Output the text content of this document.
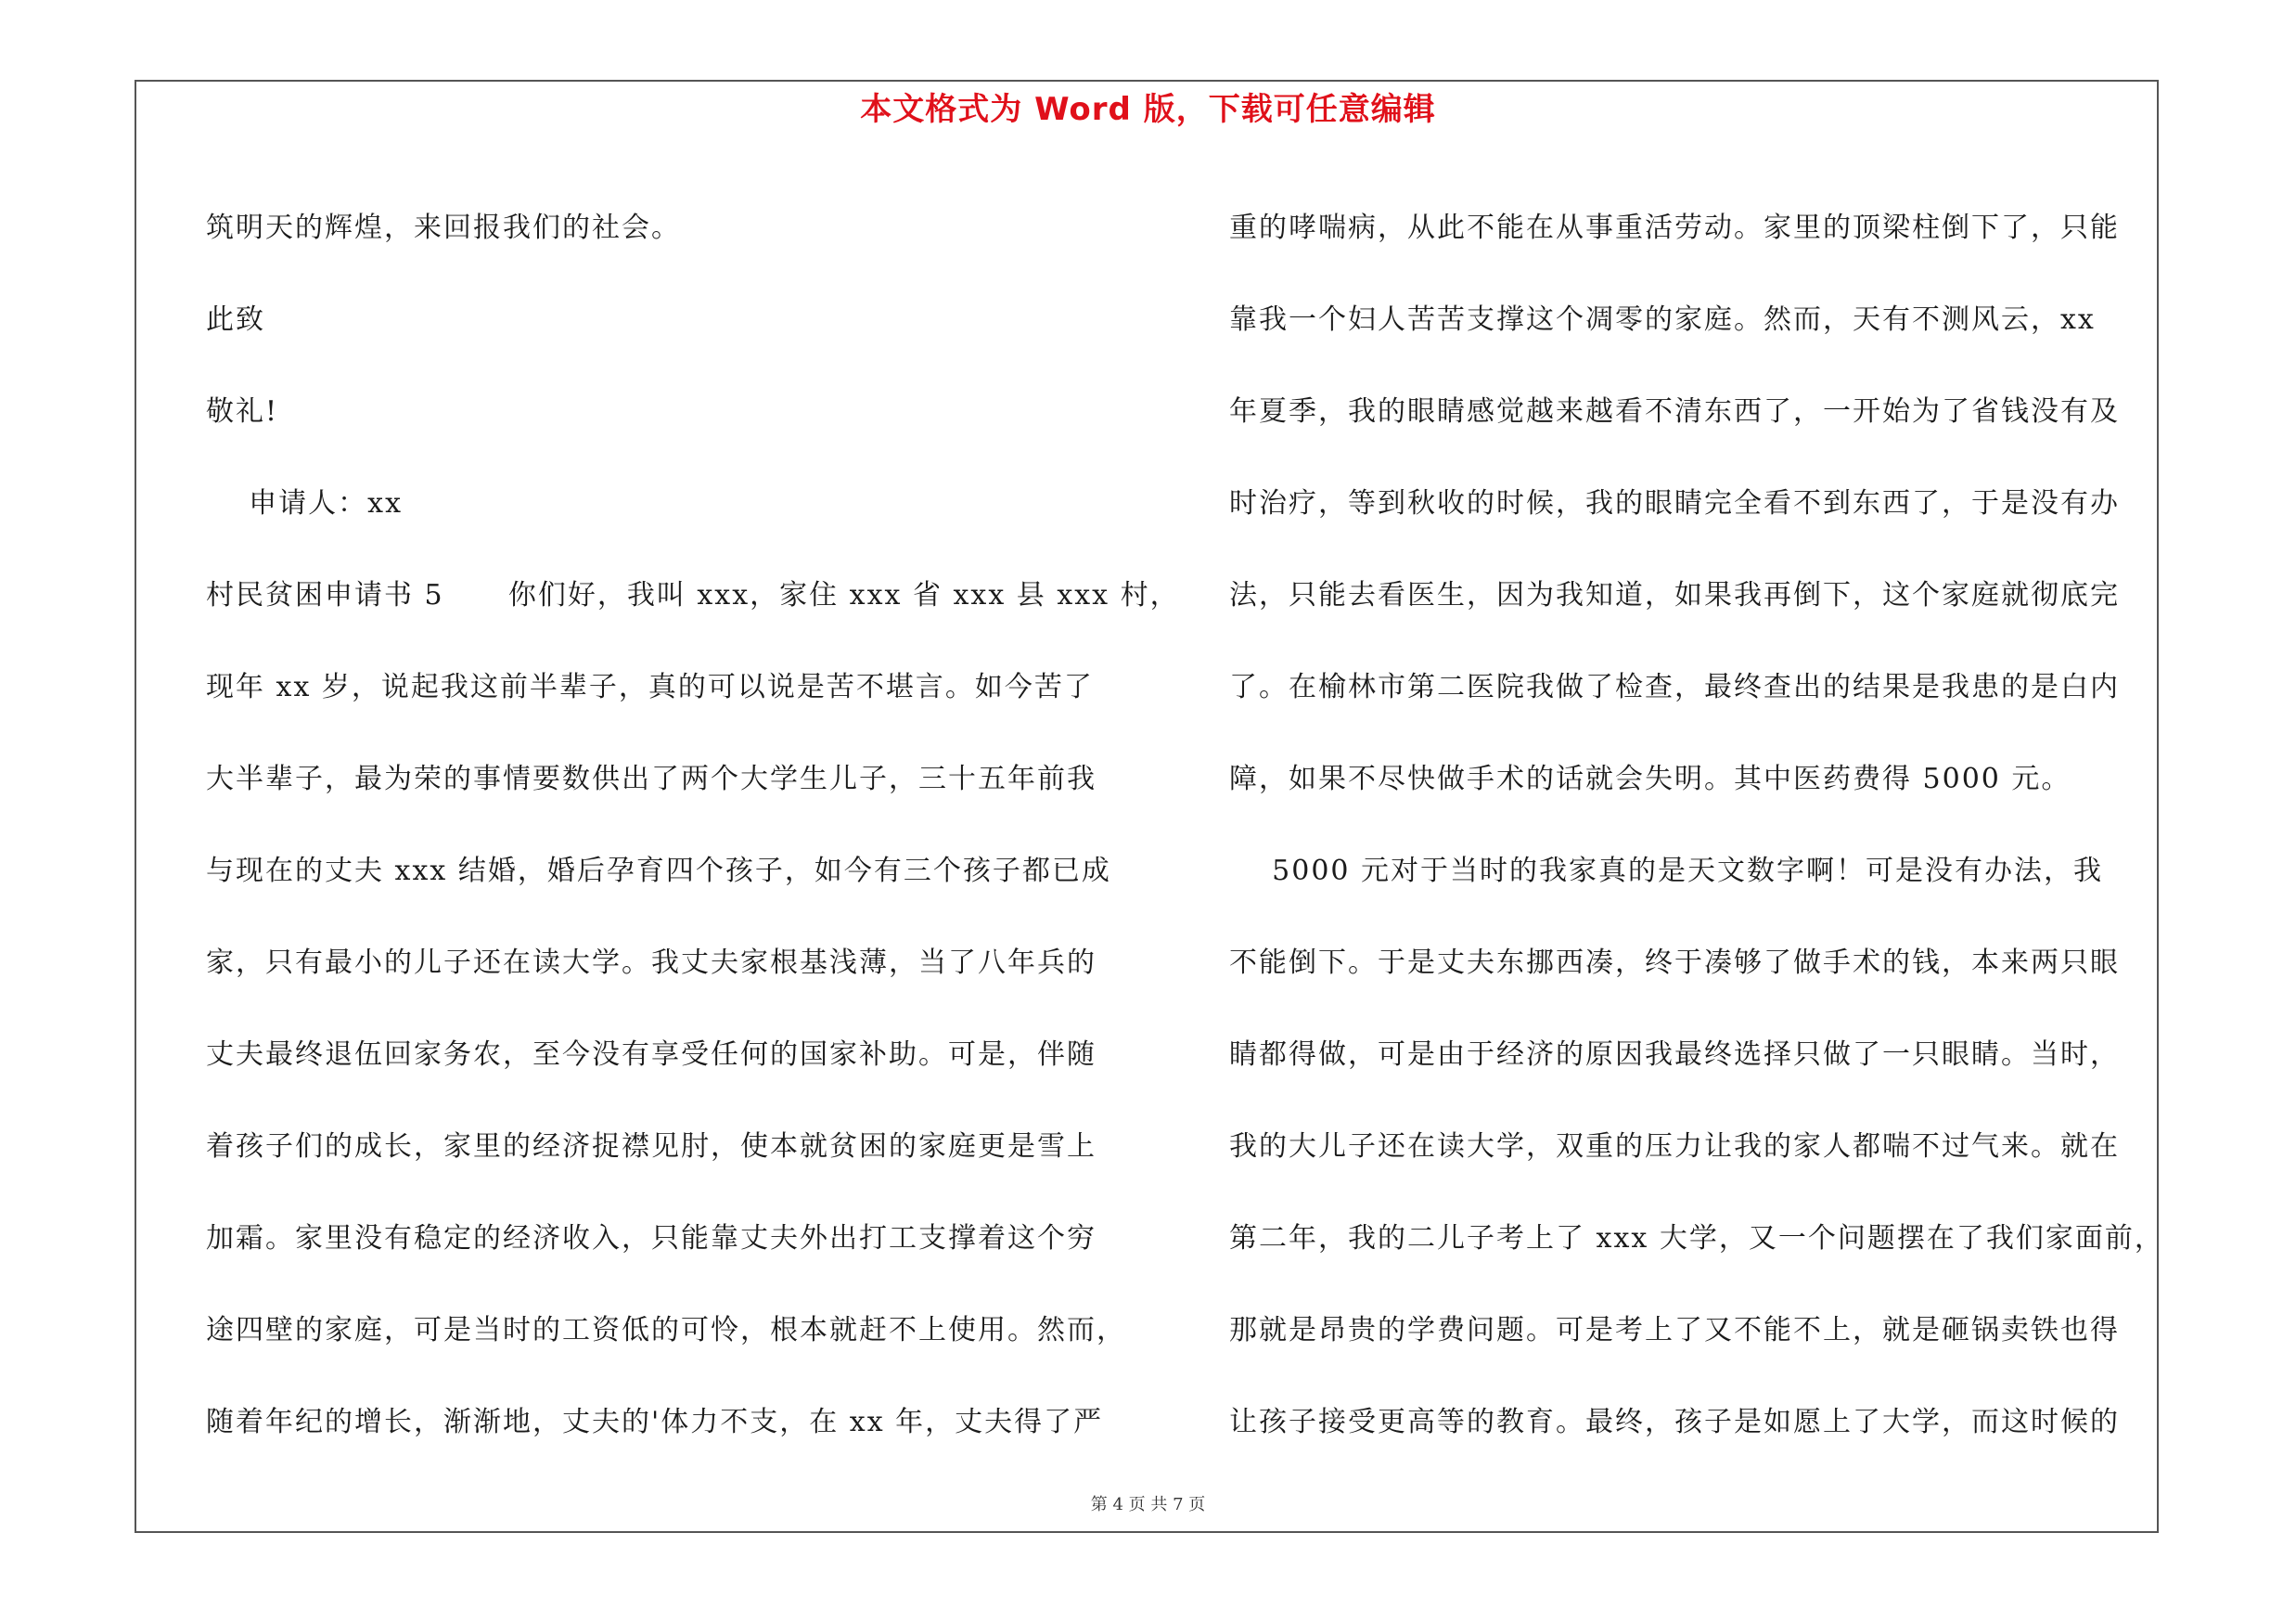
本文格式为 Word 版，下载可任意编辑
筑明天的辉煌，来回报我们的社会。
此致
敬礼!
申请人：xx
村民贫困申请书 5      你们好，我叫 xxx，家住 xxx 省 xxx 县 xxx 村，
现年 xx 岁，说起我这前半辈子，真的可以说是苦不堪言。如今苦了
大半辈子，最为荣的事情要数供出了两个大学生儿子，三十五年前我
与现在的丈夫 xxx 结婚，婚后孕育四个孩子，如今有三个孩子都已成
家，只有最小的儿子还在读大学。我丈夫家根基浅薄，当了八年兵的
丈夫最终退伍回家务农，至今没有享受任何的国家补助。可是，伴随
着孩子们的成长，家里的经济捉襟见肘，使本就贫困的家庭更是雪上
加霜。家里没有稳定的经济收入，只能靠丈夫外出打工支撑着这个穷
途四壁的家庭，可是当时的工资低的可怜，根本就赶不上使用。然而，
随着年纪的增长，渐渐地，丈夫的'体力不支，在 xx 年，丈夫得了严
重的哮喘病，从此不能在从事重活劳动。家里的顶梁柱倒下了，只能
靠我一个妇人苦苦支撑这个凋零的家庭。然而，天有不测风云，xx
年夏季，我的眼睛感觉越来越看不清东西了，一开始为了省钱没有及
时治疗，等到秋收的时候，我的眼睛完全看不到东西了，于是没有办
法，只能去看医生，因为我知道，如果我再倒下，这个家庭就彻底完
了。在榆林市第二医院我做了检查，最终查出的结果是我患的是白内
障，如果不尽快做手术的话就会失明。其中医药费得 5000 元。
5000 元对于当时的我家真的是天文数字啊！可是没有办法，我
不能倒下。于是丈夫东挪西凑，终于凑够了做手术的钱，本来两只眼
睛都得做，可是由于经济的原因我最终选择只做了一只眼睛。当时，
我的大儿子还在读大学，双重的压力让我的家人都喘不过气来。就在
第二年，我的二儿子考上了 xxx 大学，又一个问题摆在了我们家面前，
那就是昂贵的学费问题。可是考上了又不能不上，就是砸锅卖铁也得
让孩子接受更高等的教育。最终，孩子是如愿上了大学，而这时候的
第 4 页 共 7 页
